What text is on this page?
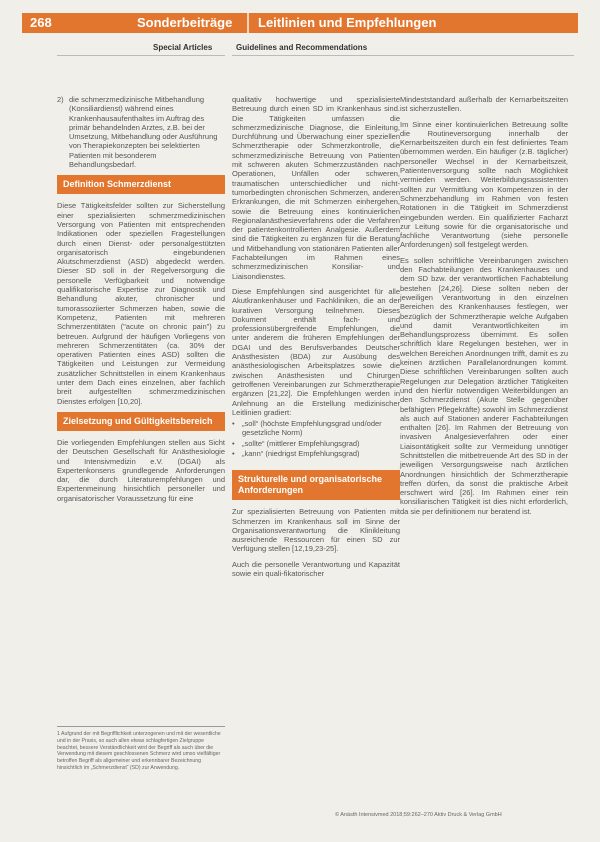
268	Sonderbeiträge Leitlinien und Empfehlungen
Special Articles	Guidelines and Recommendations
2) die schmerzmedizinische Mitbehandlung (Konsiliardienst) während eines Krankenhausaufenthaltes im Auftrag des primär behandelnden Arztes, z.B. bei der Umsetzung, Mitbehandlung oder Ausführung von Therapiekonzepten bei selektierten Patienten mit besonderem Behandlungsbedarf.
Definition Schmerzdienst

Diese Tätigkeitsfelder sollten zur Sicherstellung einer spezialisierten schmerzmedizinischen Versorgung von Patienten mit entsprechenden Indikationen oder speziellen Fragestellungen durch einen Dienst- oder personalgestützten organisatorisch eingebundenen Akutschmerzdienst (ASD) abgedeckt werden. Dieser SD soll in der Regelversorgung die personelle Verfügbarkeit und notwendige qualifikatorische Expertise zur Diagnostik und Behandlung akuter, chronischer und tumorassoziierter Schmerzen haben, sowie die Kompetenz, Patienten mit mehreren Schmerzentitäten ("acute on chronic pain") zu betreuen. Aufgrund der häufigen Vorliegens von mehreren Schmerzentitäten (ca. 30% der operativen Patienten eines ASD) sollten die Tätigkeiten und Leistungen zur Vermeidung zusätzlicher Schnittstellen in einem Krankenhaus unter dem Dach eines einzelnen, aber fachlich breit aufgestellten schmerzmedizinischen Dienstes erfolgen [10,20].

Zielsetzung und Gültigkeitsbereich

Die vorliegenden Empfehlungen stellen aus Sicht der Deutschen Gesellschaft für Anästhesiologie und Intensivmedizin e.V. (DGAI) als Expertenkonsens grundlegende Anforderungen dar, die durch Literaturempfehlungen und Expertenmeinung hinsichtlich personeller und organisatorischer Voraussetzung für eine

1 Aufgrund der mit Begrifflichkeit unterzogenen und mit der wesentliche und in der Praxis, so auch allen etwas schlagfertigen Zielgruppe beachtet, bessere Verständlichkeit wird der Begriff als auch über die Verwendung mit diesem geschlossenen Schmerz wird umso vielfältiger betroffen Begriff als allgemeiner und erkennbarer Bezeichnung hinsichtlich im „Schmerzdienst“ (SD) zur Anwendung.

qualitativ hochwertige und spezialisierte Betreuung durch einen SD im Krankenhaus sind. Die Tätigkeiten umfassen die schmerzmedizinische Diagnose, die Einleitung, Durchführung und Überwachung einer speziellen Schmerztherapie oder Schmerzkontrolle, die schmerzmedizinische Betreuung von Patienten mit schweren akuten Schmerzzuständen nach Operationen, Unfällen oder schweren, traumatischen unterschiedlicher und nicht-tumorbedingten chronischen Schmerzen, anderen Erkrankungen, die mit Schmerzen einhergehen, sowie die Betreuung eines kontinuierlichen Regionalanästhesieverfahrens oder die Verfahren der patientenkontrollierten Analgesie. Außerdem sind die Tätigkeiten zu ergänzen für die Beratung und Mitbehandlung von stationären Patienten aller Fachabteilungen im Rahmen eines schmerzmedizinischen Konsiliar- und Liaisondienstes.

Diese Empfehlungen sind ausgerichtet für alle Akutkrankenhäuser und Fachkliniken, die an der kurativen Versorgung teilnehmen. Dieses Dokument enthält fach- und professionsübergreifende Empfehlungen, die unter anderem die früheren Empfehlungen der DGAI und des Berufsverbandes Deutscher Anästhesisten (BDA) zur Ausübung des anästhesiologischen Arbeitsplatzes sowie die zwischen Anästhesisten und Chirurgen getroffenen Vereinbarungen zur Schmerztherapie ergänzen [21,22]. Die Empfehlungen werden in Anlehnung an die Erstellung medizinischer Leitlinien gradiert:

• „soll“ (höchste Empfehlungsgrad und/oder gesetzliche Norm)
• „sollte“ (mittlerer Empfehlungsgrad)
• „kann“ (niedrigst Empfehlungsgrad)
Strukturelle und organisatorische Anforderungen

Zur spezialisierten Betreuung von Patienten mit Schmerzen im Krankenhaus soll im Sinne der Organisationsverantwortung die Klinikleitung ausreichende Ressourcen für einen SD zur Verfügung stellen [12,19,23-25].

Auch die personelle Verantwortung und Kapazität sowie ein quali-fikatorischer

Mindeststandard außerhalb der Kernarbeitszeiten ist sicherzustellen.

Im Sinne einer kontinuierlichen Betreuung sollte die Routineversorgung innerhalb der Kernarbeitszeiten durch ein fest definiertes Team übernommen werden. Ein häufiger (z.B. täglicher) personeller Wechsel in der Kernarbeitszeit, Patientenversorgung sollte nach Möglichkeit vermieden werden. Weiterbildungsassistenten sollten zur Vermittlung von Kompetenzen in der Schmerzbehandlung im Rahmen von festen Rotationen in die Tätigkeit im Schmerzdienst eingebunden werden. Ein qualifizierter Facharzt zur Leitung sowie für die organisatorische und fachliche Verantwortung (siehe personelle Anforderungen) soll festgelegt werden.

Es sollen schriftliche Vereinbarungen zwischen den Fachabteilungen des Krankenhauses und dem SD bzw. der verantwortlichen Fachabteilung bestehen [24,26]. Diese sollten neben der jeweiligen Verantwortung in den einzelnen Bereichen des Krankenhauses festlegen, wer bezüglich der Schmerztherapie welche Aufgaben und damit Verantwortlichkeiten im Behandlungsprozess übernimmt. Es sollen schriftlich klare Regelungen bestehen, wer in welchen Bereichen Anordnungen trifft, damit es zu keinen ärztlichen Parallelanordnungen kommt. Diese schriftlichen Vereinbarungen sollten auch Regelungen zur Delegation ärztlicher Tätigkeiten und den hierfür notwendigen Weiterbildungen an den Schmerzdienst (Akute Stelle gegenüber befähigten Pflegekräfte) sowohl im Schmerzdienst als auch auf Stationen anderer Fachabteilungen enthalten [26]. Im Rahmen der Betreuung von invasiven Analgesieverfahren oder einer Liaisontätigkeit sollte zur Vermeidung unnötiger Schnittstellen die mitbetreuende Art des SD in der jeweiligen Versorgungsweise nach ärztlichen Anordnungen hinsichtlich der Schmerztherapie treffen dürfen, da sonst die praktische Arbeit erschwert wird [26]. Im Rahmen einer rein konsiliarischen Tätigkeit ist dies nicht erforderlich, da sie per definitionem nur beratend ist.

© Anästh Intensivmed 2018;59:262–270 Aktiv Druck & Verlag GmbH
